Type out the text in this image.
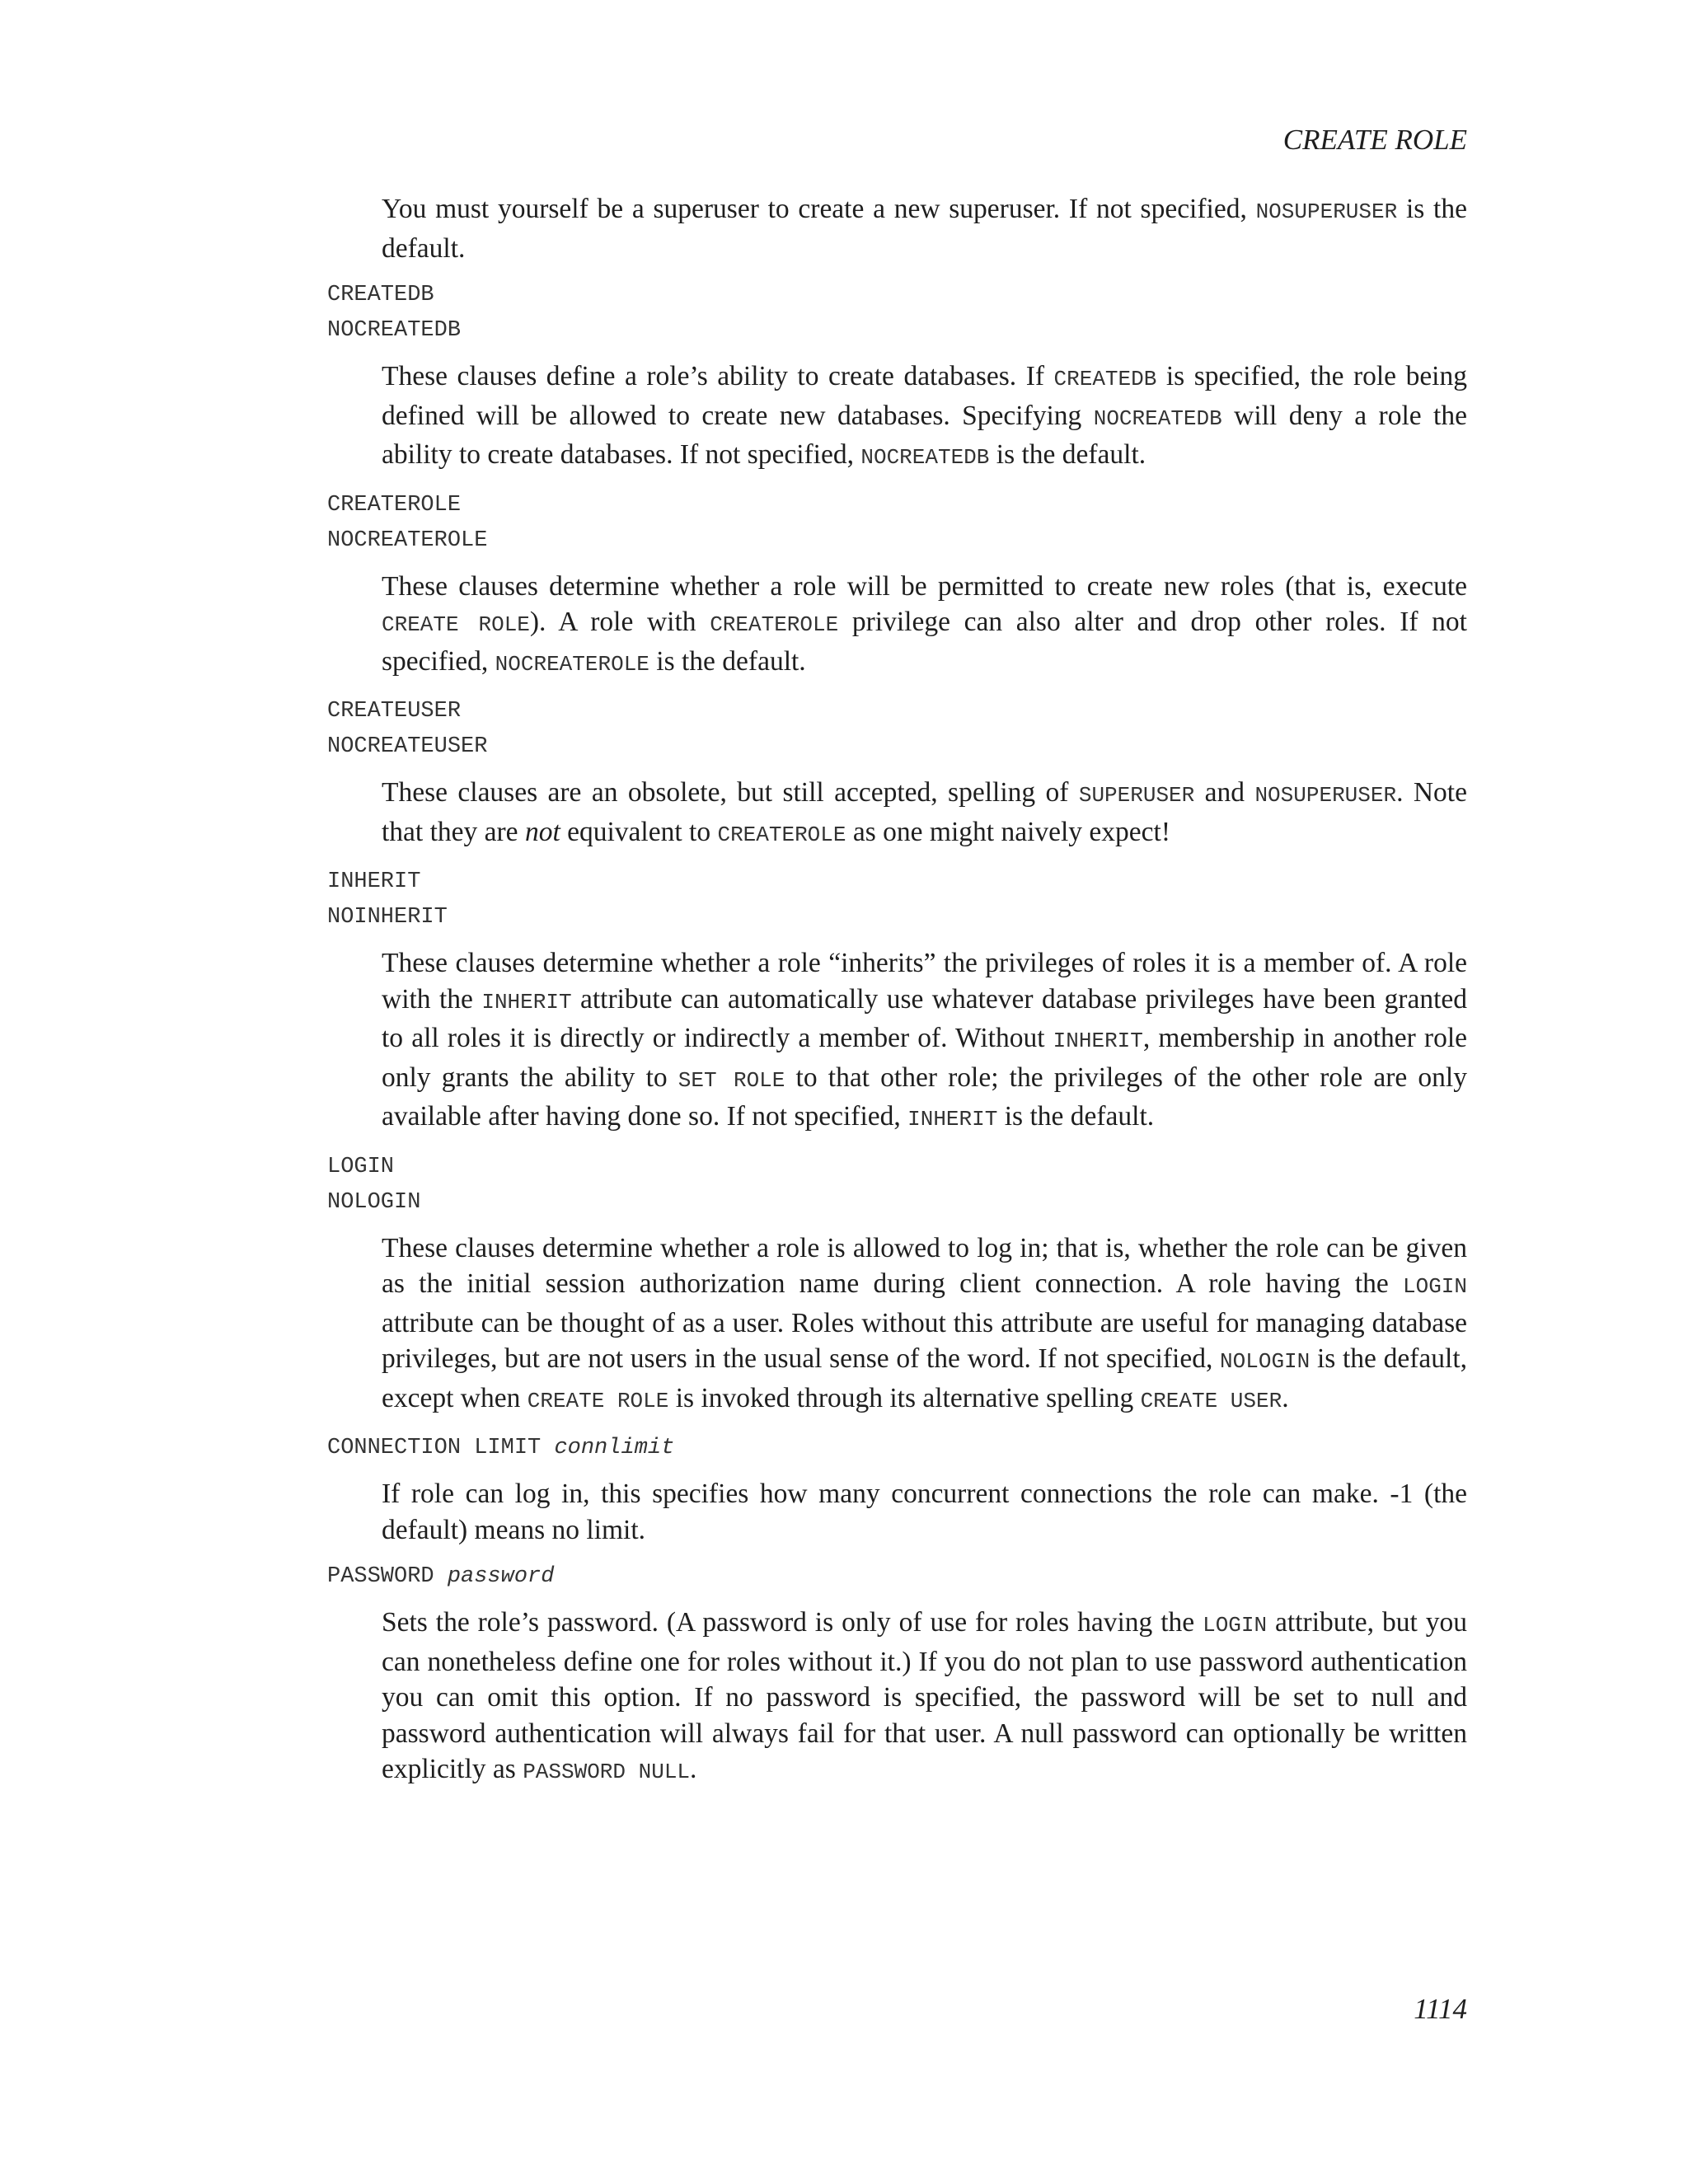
CREATE ROLE

You must yourself be a superuser to create a new superuser. If not specified, NOSUPERUSER is the default.

CREATEDB
NOCREATEDB

These clauses define a role’s ability to create databases. If CREATEDB is specified, the role being defined will be allowed to create new databases. Specifying NOCREATEDB will deny a role the ability to create databases. If not specified, NOCREATEDB is the default.

CREATEROLE
NOCREATEROLE

These clauses determine whether a role will be permitted to create new roles (that is, execute CREATE ROLE). A role with CREATEROLE privilege can also alter and drop other roles. If not specified, NOCREATEROLE is the default.

CREATEUSER
NOCREATEUSER

These clauses are an obsolete, but still accepted, spelling of SUPERUSER and NOSUPERUSER. Note that they are not equivalent to CREATEROLE as one might naively expect!

INHERIT
NOINHERIT

These clauses determine whether a role “inherits” the privileges of roles it is a member of. A role with the INHERIT attribute can automatically use whatever database privileges have been granted to all roles it is directly or indirectly a member of. Without INHERIT, membership in another role only grants the ability to SET ROLE to that other role; the privileges of the other role are only available after having done so. If not specified, INHERIT is the default.

LOGIN
NOLOGIN

These clauses determine whether a role is allowed to log in; that is, whether the role can be given as the initial session authorization name during client connection. A role having the LOGIN attribute can be thought of as a user. Roles without this attribute are useful for managing database privileges, but are not users in the usual sense of the word. If not specified, NOLOGIN is the default, except when CREATE ROLE is invoked through its alternative spelling CREATE USER.

CONNECTION LIMIT connlimit

If role can log in, this specifies how many concurrent connections the role can make. -1 (the default) means no limit.

PASSWORD password

Sets the role’s password. (A password is only of use for roles having the LOGIN attribute, but you can nonetheless define one for roles without it.) If you do not plan to use password authentication you can omit this option. If no password is specified, the password will be set to null and password authentication will always fail for that user. A null password can optionally be written explicitly as PASSWORD NULL.

1114
